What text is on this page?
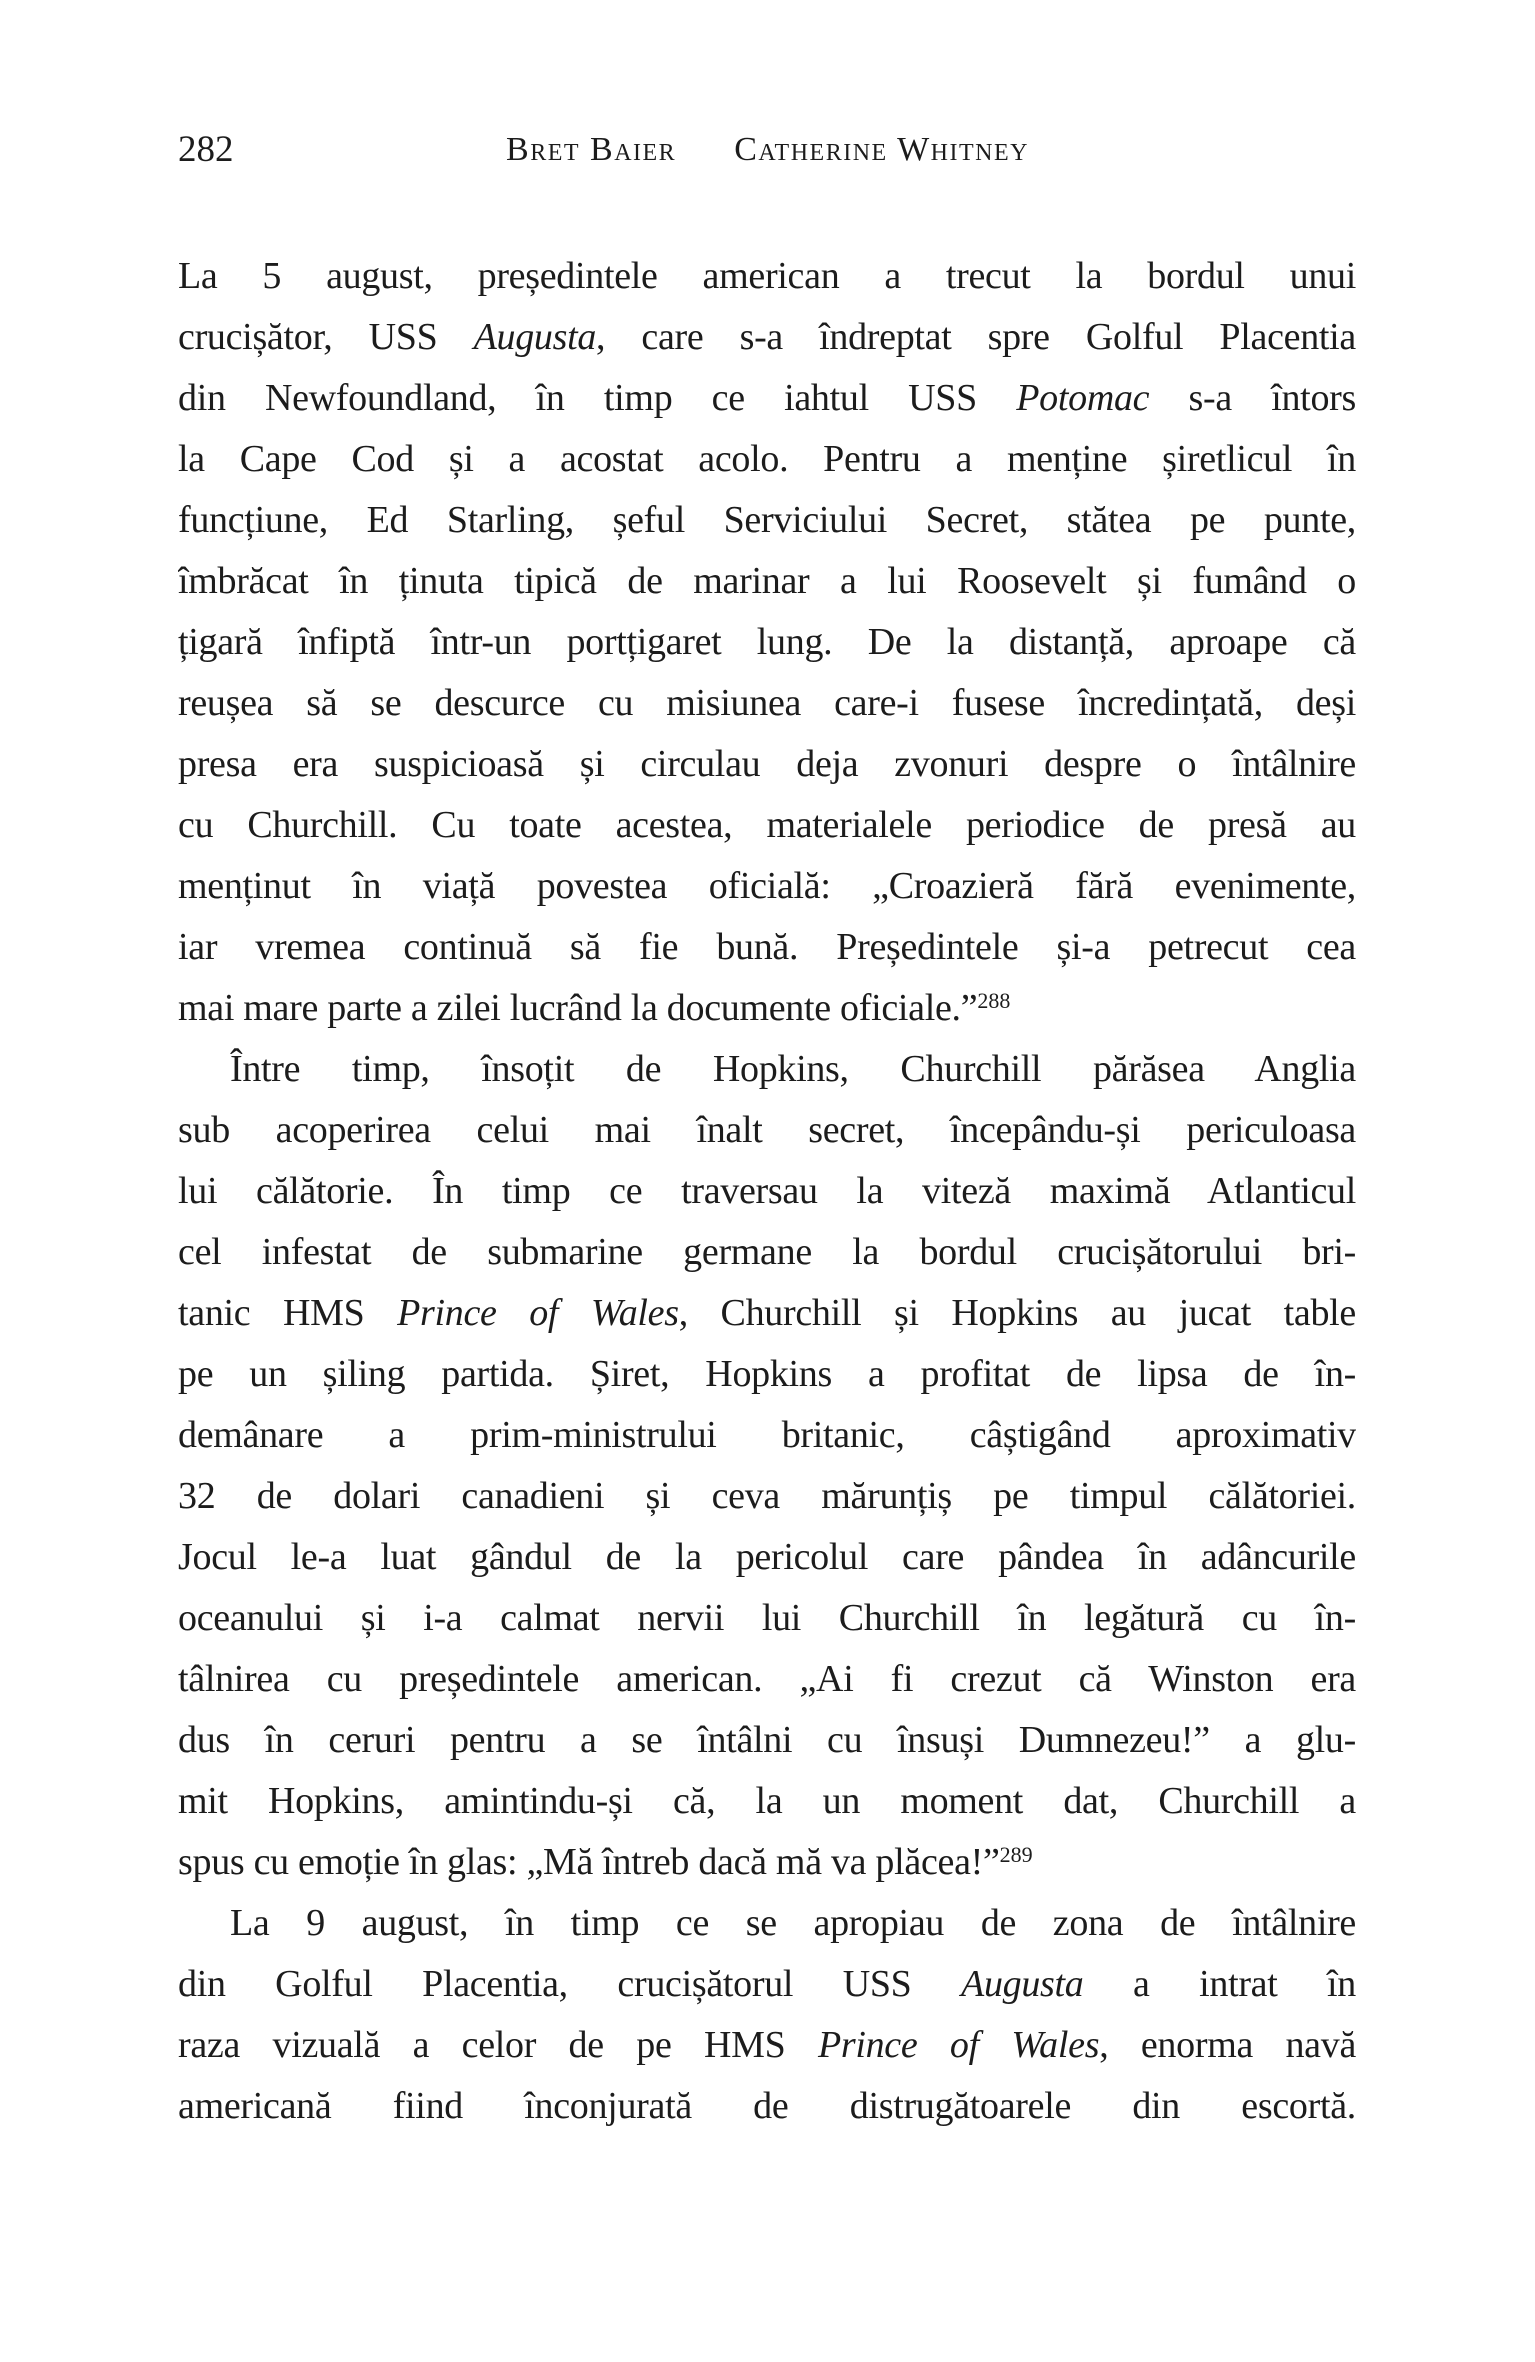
282	Bret Baier Catherine Whitney
La 5 august, președintele american a trecut la bordul unui
crucișător, USS Augusta, care s-a îndreptat spre Golful Placentia
din Newfoundland, în timp ce iahtul USS Potomac s-a întors
la Cape Cod și a acostat acolo. Pentru a menține șiretlicul în
funcțiune, Ed Starling, șeful Serviciului Secret, stătea pe punte,
îmbrăcat în ținuta tipică de marinar a lui Roosevelt și fumând o
țigară înfiptă într-un portțigaret lung. De la distanță, aproape că
reușea să se descurce cu misiunea care-i fusese încredințată, deși
presa era suspicioasă și circulau deja zvonuri despre o întâlnire
cu Churchill. Cu toate acestea, materialele periodice de presă au
menținut în viață povestea oficială: „Croazieră fără evenimente,
iar vremea continuă să fie bună. Președintele și-a petrecut cea
mai mare parte a zilei lucrând la documente oficiale.”$^{288}$
Între timp, însoțit de Hopkins, Churchill părăsea Anglia
sub acoperirea celui mai înalt secret, începându-și periculoasa
lui călătorie. În timp ce traversau la viteză maximă Atlanticul
cel infestat de submarine germane la bordul crucișătorului bri-
tanic HMS Prince of Wales, Churchill și Hopkins au jucat table
pe un șiling partida. Șiret, Hopkins a profitat de lipsa de în-
demânare a prim-ministrului britanic, câștigând aproximativ
32 de dolari canadieni și ceva mărunțiș pe timpul călătoriei.
Jocul le-a luat gândul de la pericolul care pândea în adâncurile
oceanului și i-a calmat nervii lui Churchill în legătură cu în-
tâlnirea cu președintele american. „Ai fi crezut că Winston era
dus în ceruri pentru a se întâlni cu însuși Dumnezeu!” a glu-
mit Hopkins, amintindu-și că, la un moment dat, Churchill a
spus cu emoție în glas: „Mă întreb dacă mă va plăcea!”$^{289}$
La 9 august, în timp ce se apropiau de zona de întâlnire
din Golful Placentia, crucișătorul USS Augusta a intrat în
raza vizuală a celor de pe HMS Prince of Wales, enorma navă
americană fiind înconjurată de distrugătoarele din escortă.
